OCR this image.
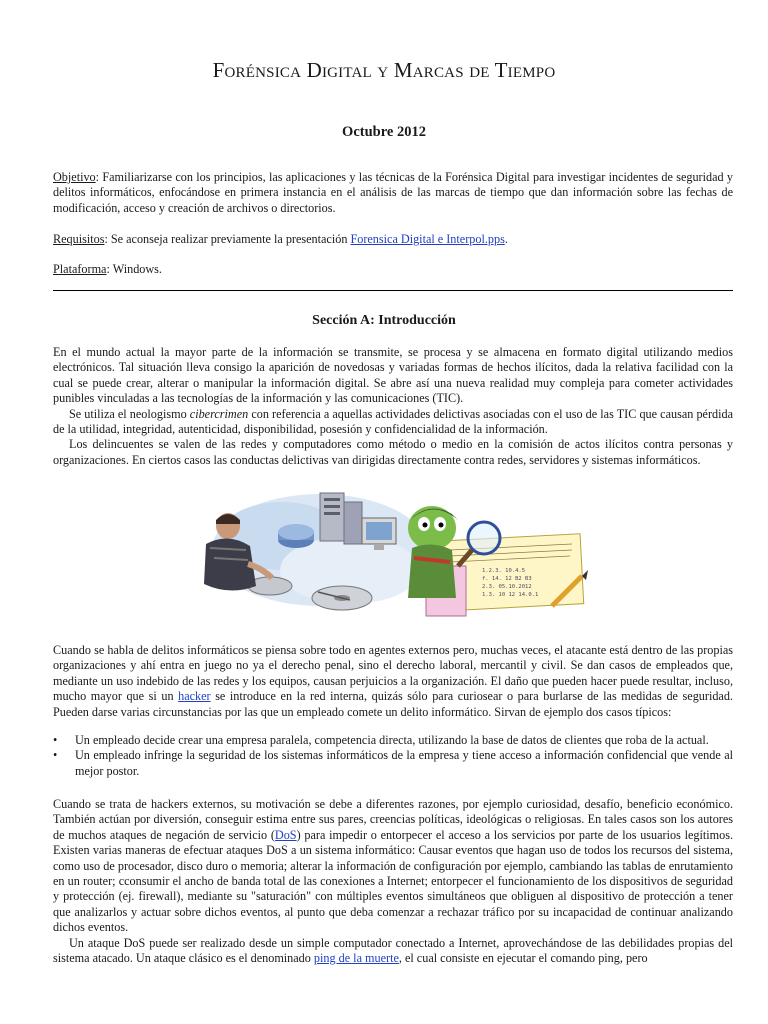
Forénsica Digital y Marcas de Tiempo
Octubre 2012
Objetivo: Familiarizarse con los principios, las aplicaciones y las técnicas de la Forénsica Digital para investigar incidentes de seguridad y delitos informáticos, enfocándose en primera instancia en el análisis de las marcas de tiempo que dan información sobre las fechas de modificación, acceso y creación de archivos o directorios.
Requisitos: Se aconseja realizar previamente la presentación Forensica Digital e Interpol.pps.
Plataforma: Windows.
Sección A: Introducción
En el mundo actual la mayor parte de la información se transmite, se procesa y se almacena en formato digital utilizando medios electrónicos. Tal situación lleva consigo la aparición de novedosas y variadas formas de hechos ilícitos, dada la relativa facilidad con la cual se puede crear, alterar o manipular la información digital. Se abre así una nueva realidad muy compleja para cometer actividades punibles vinculadas a las tecnologías de la información y las comunicaciones (TIC).
Se utiliza el neologismo cibercrimen con referencia a aquellas actividades delictivas asociadas con el uso de las TIC que causan pérdida de la utilidad, integridad, autenticidad, disponibilidad, posesión y confidencialidad de la información.
Los delincuentes se valen de las redes y computadores como método o medio en la comisión de actos ilícitos contra personas y organizaciones. En ciertos casos las conductas delictivas van dirigidas directamente contra redes, servidores y sistemas informáticos.
1.2.3. 10.4.5
f. 14. 12 B2 B3
2.3. 05.10.2012
1.3. 10 12 14.0.1
Cuando se habla de delitos informáticos se piensa sobre todo en agentes externos pero, muchas veces, el atacante está dentro de las propias organizaciones y ahí entra en juego no ya el derecho penal, sino el derecho laboral, mercantil y civil. Se dan casos de empleados que, mediante un uso indebido de las redes y los equipos, causan perjuicios a la organización. El daño que pueden hacer puede resultar, incluso, mucho mayor que si un hacker se introduce en la red interna, quizás sólo para curiosear o para burlarse de las medidas de seguridad. Pueden darse varias circunstancias por las que un empleado comete un delito informático. Sirvan de ejemplo dos casos típicos:
• Un empleado decide crear una empresa paralela, competencia directa, utilizando la base de datos de clientes que roba de la actual.
• Un empleado infringe la seguridad de los sistemas informáticos de la empresa y tiene acceso a información confidencial que vende al mejor postor.
Cuando se trata de hackers externos, su motivación se debe a diferentes razones, por ejemplo curiosidad, desafío, beneficio económico. También actúan por diversión, conseguir estima entre sus pares, creencias políticas, ideológicas o religiosas. En tales casos son los autores de muchos ataques de negación de servicio (DoS) para impedir o entorpecer el acceso a los servicios por parte de los usuarios legítimos. Existen varias maneras de efectuar ataques DoS a un sistema informático: Causar eventos que hagan uso de todos los recursos del sistema, como uso de procesador, disco duro o memoria; alterar la información de configuración por ejemplo, cambiando las tablas de enrutamiento en un router; cconsumir el ancho de banda total de las conexiones a Internet; entorpecer el funcionamiento de los dispositivos de seguridad y protección (ej. firewall), mediante su "saturación" con múltiples eventos simultáneos que obliguen al dispositivo de protección a tener que analizarlos y actuar sobre dichos eventos, al punto que deba comenzar a rechazar tráfico por su incapacidad de continuar analizando dichos eventos.
Un ataque DoS puede ser realizado desde un simple computador conectado a Internet, aprovechándose de las debilidades propias del sistema atacado. Un ataque clásico es el denominado ping de la muerte, el cual consiste en ejecutar el comando ping, pero
